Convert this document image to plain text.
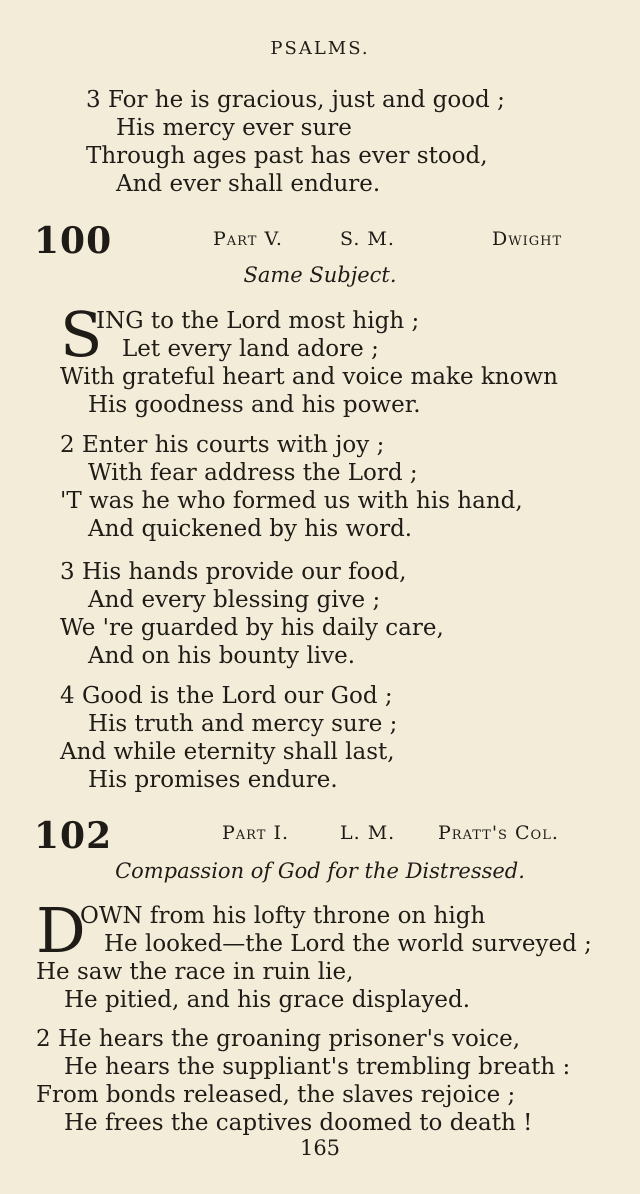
PSALMS.
3 For he is gracious, just and good ;
His mercy ever sure
Through ages past has ever stood,
And ever shall endure.
100	Part V.	S. M.	Dwight
Same Subject.
S
ING to the Lord most high ;
Let every land adore ;
With grateful heart and voice make known
His goodness and his power.
2 Enter his courts with joy ;
With fear address the Lord ;
'T was he who formed us with his hand,
And quickened by his word.
3 His hands provide our food,
And every blessing give ;
We 're guarded by his daily care,
And on his bounty live.
4 Good is the Lord our God ;
His truth and mercy sure ;
And while eternity shall last,
His promises endure.
102	Part I.	L. M. Pratt's Col.
Compassion of God for the Distressed.
D
OWN from his lofty throne on high
He looked—the Lord the world surveyed ;
He saw the race in ruin lie,
He pitied, and his grace displayed.
2 He hears the groaning prisoner's voice,
He hears the suppliant's trembling breath :
From bonds released, the slaves rejoice ;
He frees the captives doomed to death !
165
